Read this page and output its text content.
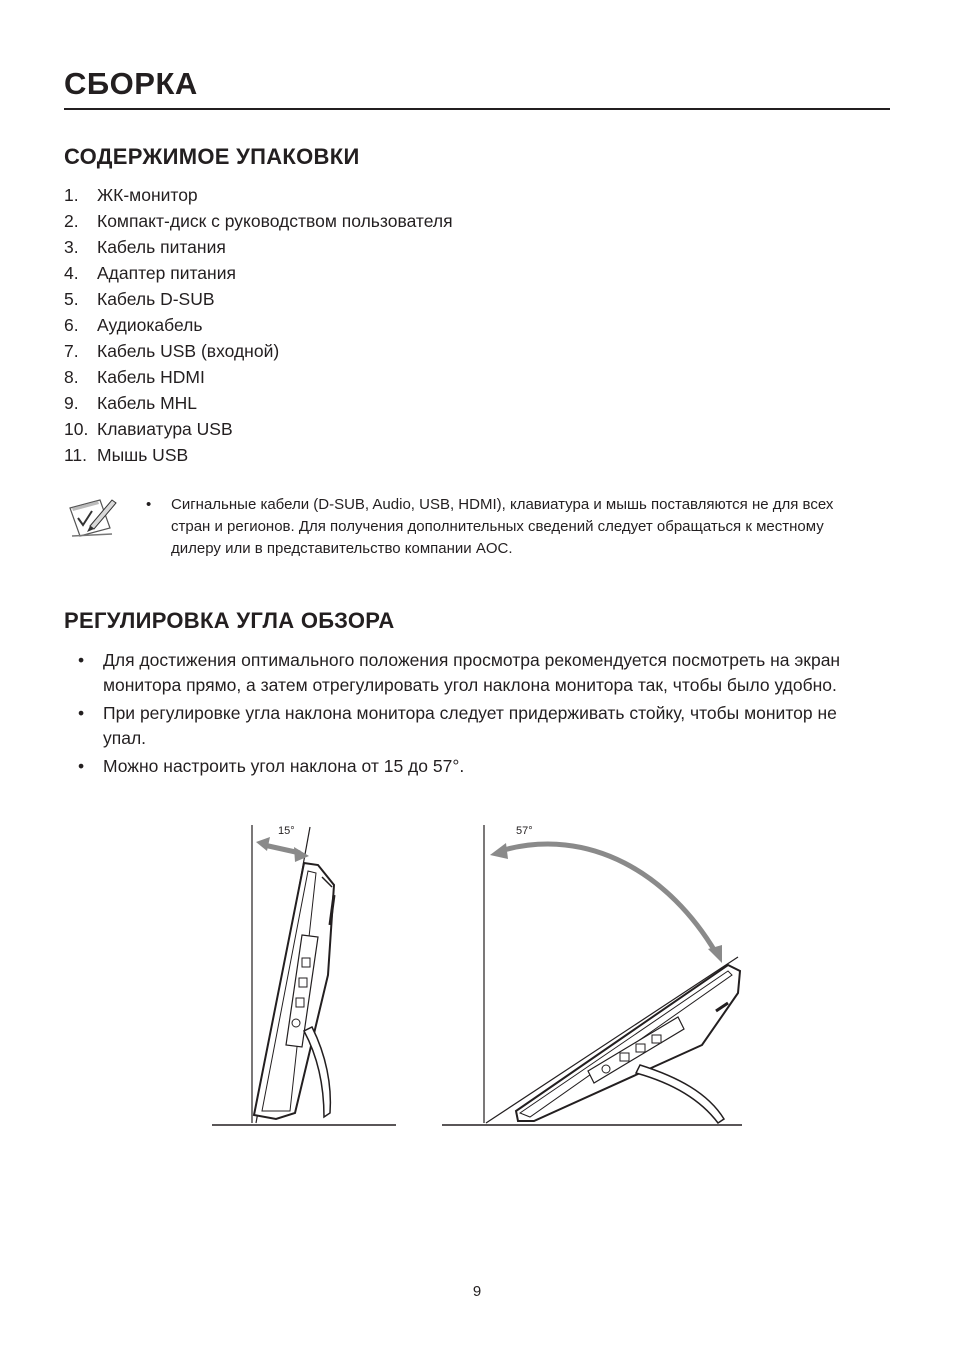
СБОРКА
СОДЕРЖИМОЕ УПАКОВКИ
1.	ЖК-монитор
2.	Компакт-диск с руководством пользователя
3.	Кабель питания
4.	Адаптер питания
5.	Кабель D-SUB
6.	Аудиокабель
7.	Кабель USB (входной)
8.	Кабель HDMI
9.	Кабель MHL
10. Клавиатура USB
11. Мышь USB
• Сигнальные кабели (D-SUB, Audio, USB, HDMI), клавиатура и мышь поставляются не для всех стран и регионов. Для получения дополнительных сведений следует обращаться к местному дилеру или в представительство компании AOC.
РЕГУЛИРОВКА УГЛА ОБЗОРА
• Для достижения оптимального положения просмотра рекомендуется посмотреть на экран монитора прямо, а затем отрегулировать угол наклона монитора так, чтобы было удобно.
• При регулировке угла наклона монитора следует придерживать стойку, чтобы монитор не упал.
• Можно настроить угол наклона от 15 до 57°.
15°	57°
9
